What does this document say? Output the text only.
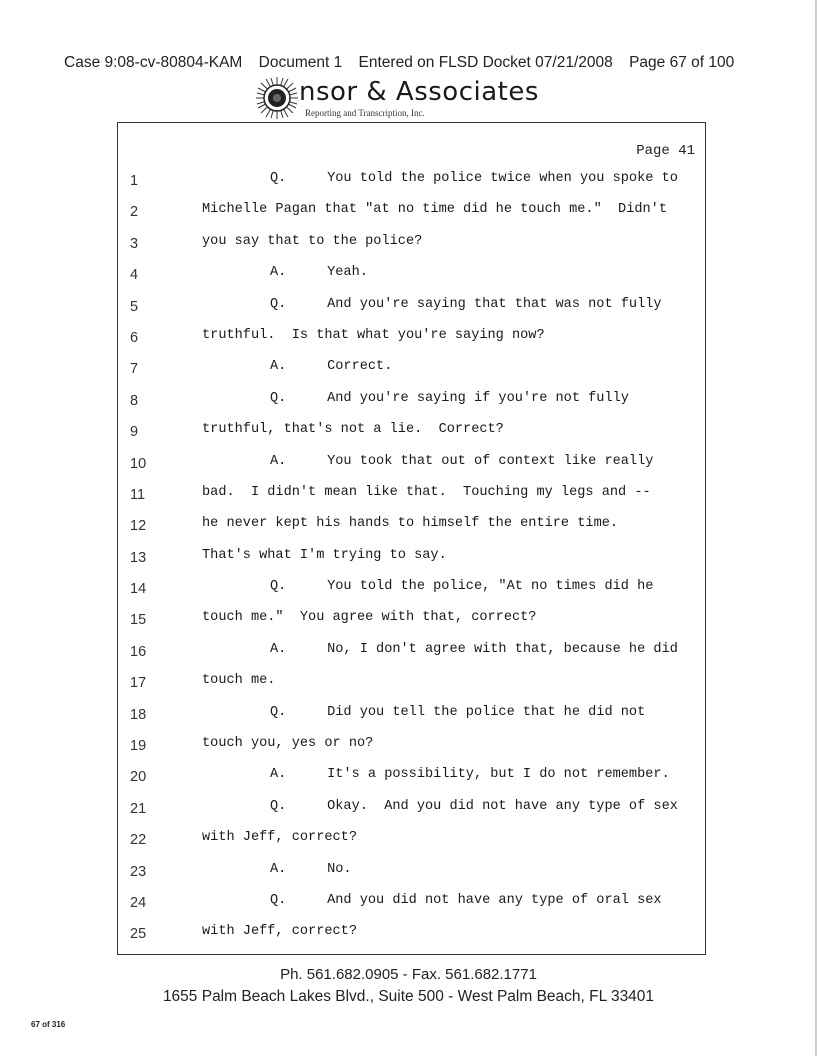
Case 9:08-cv-80804-KAM Document 1 Entered on FLSD Docket 07/21/2008 Page 67 of 100
nsor & Associates
Reporting and Transcription, Inc.
Page 41
1	Q.     You told the police twice when you spoke to
2	Michelle Pagan that "at no time did he touch me."  Didn't
3	you say that to the police?
4	A.     Yeah.
5	Q.     And you're saying that that was not fully
6	truthful.  Is that what you're saying now?
7	A.     Correct.
8	Q.     And you're saying if you're not fully
9	truthful, that's not a lie.  Correct?
10	A.     You took that out of context like really
11	bad.  I didn't mean like that.  Touching my legs and --
12	he never kept his hands to himself the entire time.
13	That's what I'm trying to say.
14	Q.     You told the police, "At no times did he
15	touch me."  You agree with that, correct?
16	A.     No, I don't agree with that, because he did
17	touch me.
18	Q.     Did you tell the police that he did not
19	touch you, yes or no?
20	A.     It's a possibility, but I do not remember.
21	Q.     Okay.  And you did not have any type of sex
22	with Jeff, correct?
23	A.     No.
24	Q.     And you did not have any type of oral sex
25	with Jeff, correct?
Ph. 561.682.0905 - Fax. 561.682.1771
1655 Palm Beach Lakes Blvd., Suite 500 - West Palm Beach, FL 33401
67 of 316
